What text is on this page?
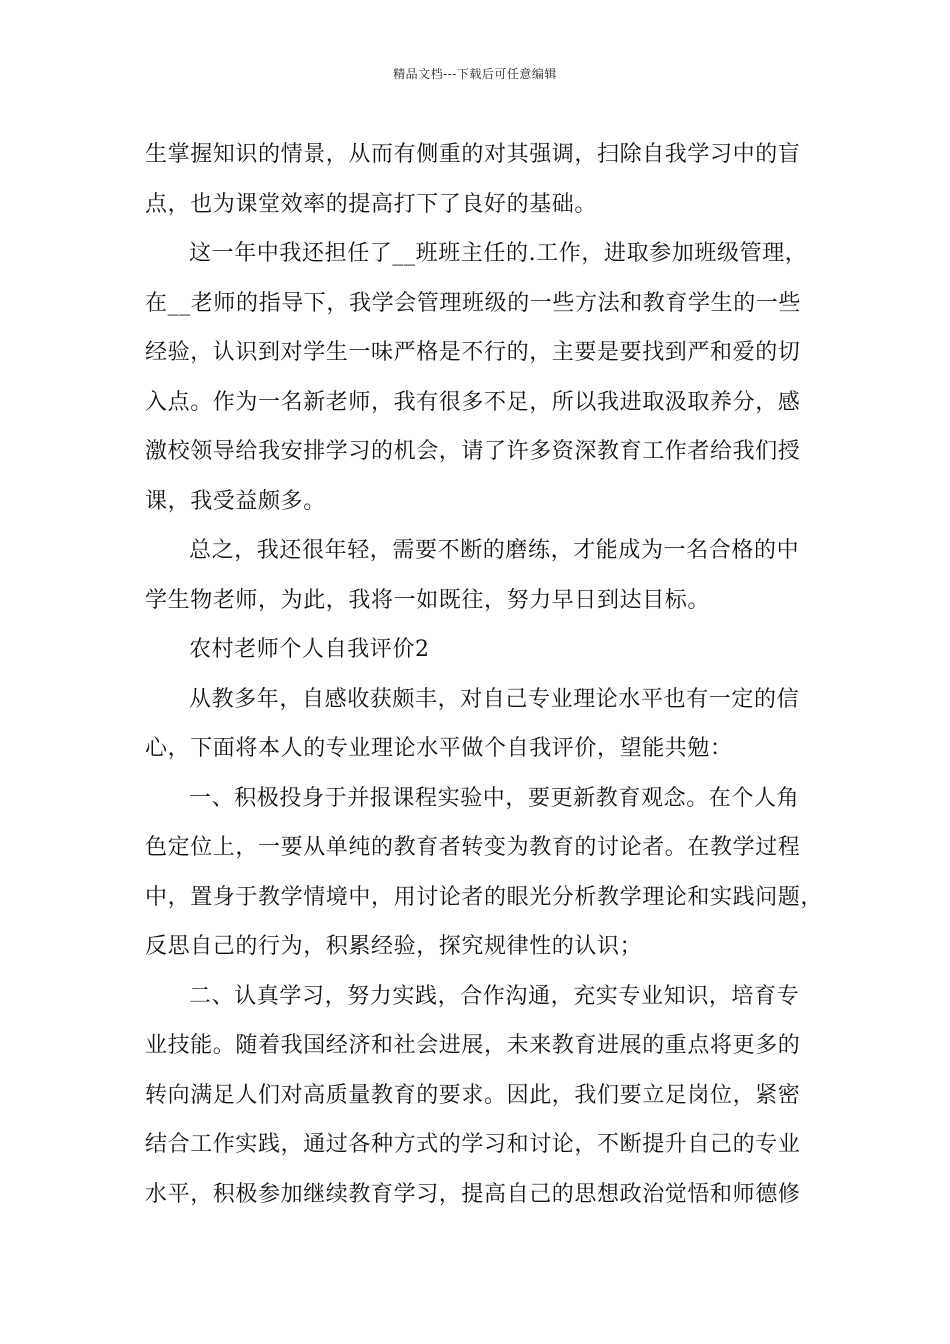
精品文档---下载后可任意编辑
生掌握知识的情景，从而有侧重的对其强调，扫除自我学习中的盲
点，也为课堂效率的提高打下了良好的基础。
这一年中我还担任了__班班主任的.工作，进取参加班级管理，
在__老师的指导下，我学会管理班级的一些方法和教育学生的一些
经验，认识到对学生一味严格是不行的，主要是要找到严和爱的切
入点。作为一名新老师，我有很多不足，所以我进取汲取养分，感
激校领导给我安排学习的机会，请了许多资深教育工作者给我们授
课，我受益颇多。
总之，我还很年轻，需要不断的磨练，才能成为一名合格的中
学生物老师，为此，我将一如既往，努力早日到达目标。
农村老师个人自我评价2
从教多年，自感收获颇丰，对自己专业理论水平也有一定的信
心，下面将本人的专业理论水平做个自我评价，望能共勉：
一、积极投身于并报课程实验中，要更新教育观念。在个人角
色定位上，一要从单纯的教育者转变为教育的讨论者。在教学过程
中，置身于教学情境中，用讨论者的眼光分析教学理论和实践问题，
反思自己的行为，积累经验，探究规律性的认识；
二、认真学习，努力实践，合作沟通，充实专业知识，培育专
业技能。随着我国经济和社会进展，未来教育进展的重点将更多的
转向满足人们对高质量教育的要求。因此，我们要立足岗位，紧密
结合工作实践，通过各种方式的学习和讨论，不断提升自己的专业
水平，积极参加继续教育学习，提高自己的思想政治觉悟和师德修
